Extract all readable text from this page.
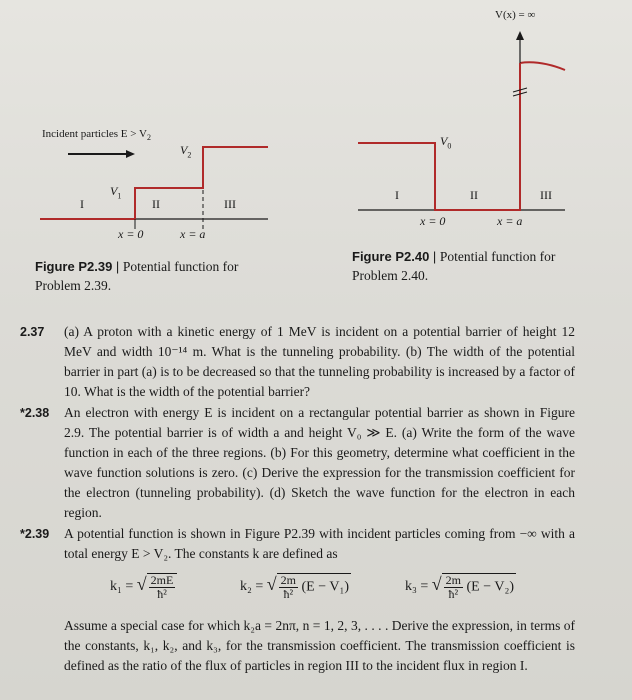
Incident particles $E > V_2$
$V_2$
$V_1$
I	II	III
x = 0	x = a
Figure P2.39 | Potential function for
Problem 2.39.
V(x) = ∞
$V_0$
I	II	III
x = 0	x = a
Figure P2.40 | Potential function for
Problem 2.40.
2.37 (a) A proton with a kinetic energy of 1 MeV is incident on a potential barrier of height 12 MeV and width 10⁻¹⁴ m. What is the tunneling probability. (b) The width of the potential barrier in part (a) is to be decreased so that the tunneling probability is increased by a factor of 10. What is the width of the potential barrier?
*2.38 An electron with energy E is incident on a rectangular potential barrier as shown in Figure 2.9. The potential barrier is of width a and height V₀ ≫ E. (a) Write the form of the wave function in each of the three regions. (b) For this geometry, determine what coefficient in the wave function solutions is zero. (c) Derive the expression for the transmission coefficient for the electron (tunneling probability). (d) Sketch the wave function for the electron in each region.
*2.39 A potential function is shown in Figure P2.39 with incident particles coming from −∞ with a total energy E > V₂. The constants k are defined as
k₁ = √ $\frac{2mE}{\text{ħ²}}$	k₂ = √ $\frac{2m}{\text{ħ²}} (E - V_1)$	k₃ = √ $\frac{2m}{\text{ħ²}} (E - V_2)$
Assume a special case for which k₂a = 2nπ, n = 1, 2, 3, . . . . Derive the expression, in terms of the constants, k₁, k₂, and k₃, for the transmission coefficient. The transmission coefficient is defined as the ratio of the flux of particles in region III to the incident flux in region I.
